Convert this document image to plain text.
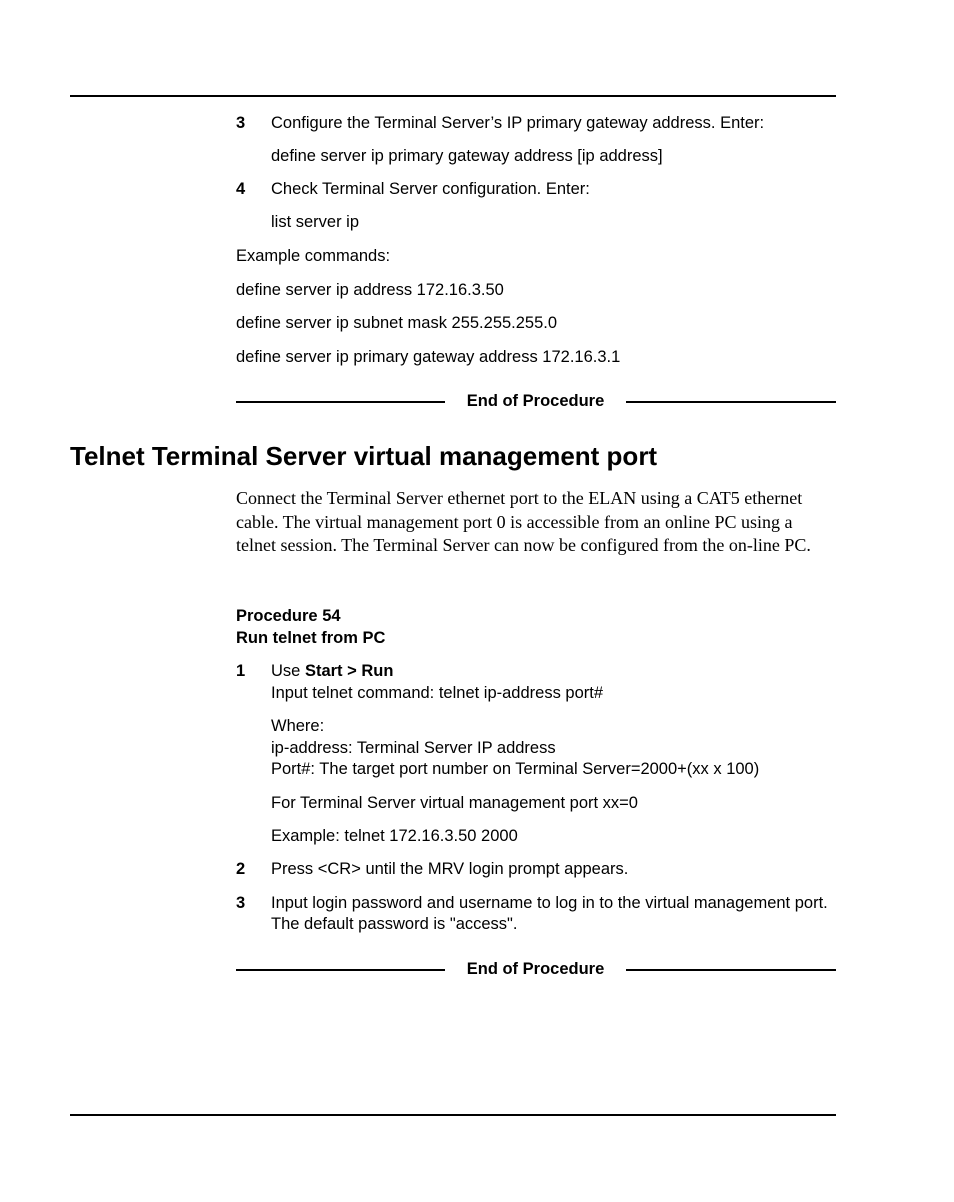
3 Configure the Terminal Server’s IP primary gateway address. Enter:
define server ip primary gateway address [ip address]
4 Check Terminal Server configuration. Enter:
list server ip
Example commands:
define server ip address 172.16.3.50
define server ip subnet mask 255.255.255.0
define server ip primary gateway address 172.16.3.1
End of Procedure
Telnet Terminal Server virtual management port
Connect the Terminal Server ethernet port to the ELAN using a CAT5 ethernet cable. The virtual management port 0 is accessible from an online PC using a telnet session. The Terminal Server can now be configured from the on-line PC.
Procedure 54
Run telnet from PC
1 Use Start > Run
Input telnet command: telnet ip-address port#
Where:
ip-address: Terminal Server IP address
Port#: The target port number on Terminal Server=2000+(xx x 100)
For Terminal Server virtual management port xx=0
Example: telnet 172.16.3.50 2000
2 Press <CR> until the MRV login prompt appears.
3 Input login password and username to log in to the virtual management port. The default password is "access".
End of Procedure
